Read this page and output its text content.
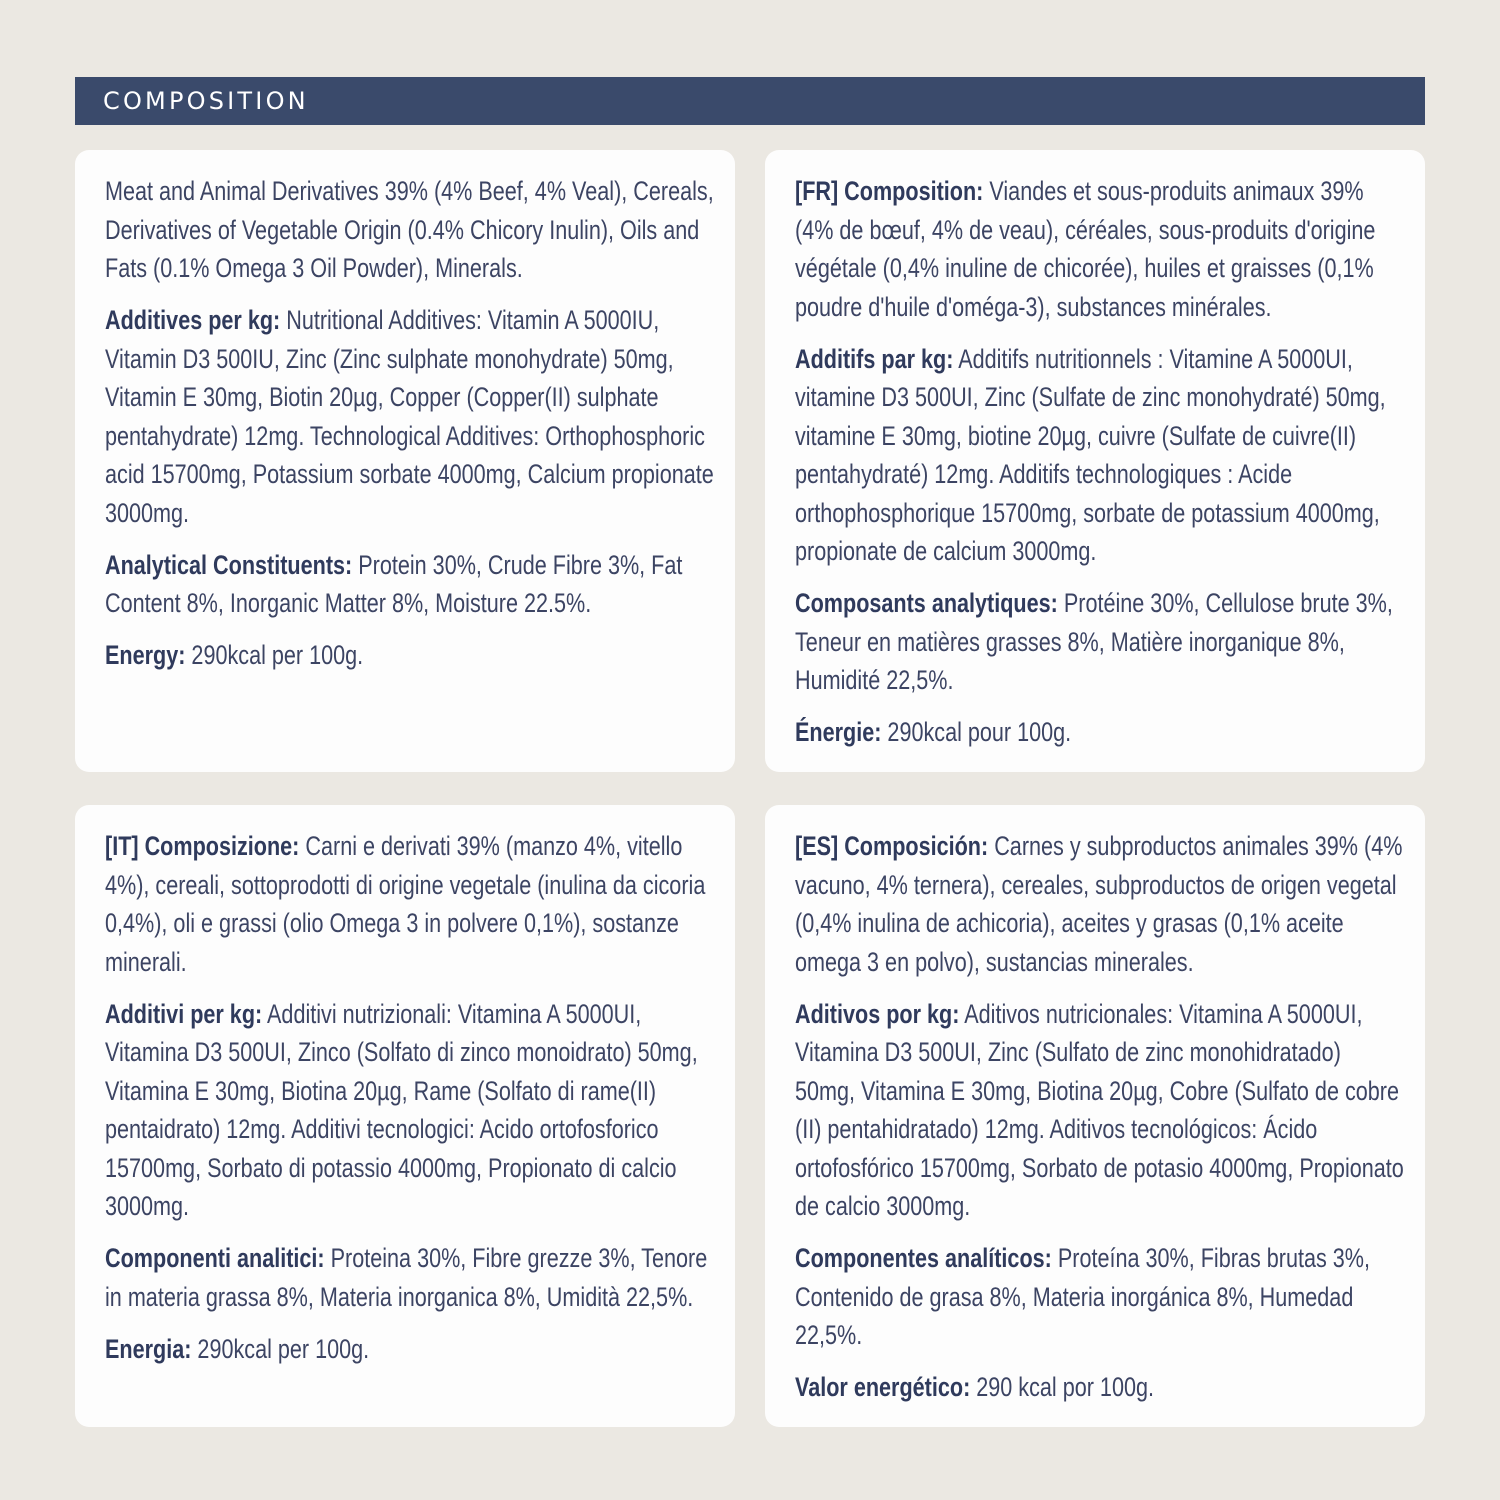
COMPOSITION

Meat and Animal Derivatives 39% (4% Beef, 4% Veal), Cereals, Derivatives of Vegetable Origin (0.4% Chicory Inulin), Oils and Fats (0.1% Omega 3 Oil Powder), Minerals.

Additives per kg: Nutritional Additives: Vitamin A 5000IU, Vitamin D3 500IU, Zinc (Zinc sulphate monohydrate) 50mg, Vitamin E 30mg, Biotin 20µg, Copper (Copper(II) sulphate pentahydrate) 12mg. Technological Additives: Orthophosphoric acid 15700mg, Potassium sorbate 4000mg, Calcium propionate 3000mg.

Analytical Constituents: Protein 30%, Crude Fibre 3%, Fat Content 8%, Inorganic Matter 8%, Moisture 22.5%.

Energy: 290kcal per 100g.

[FR] Composition: Viandes et sous-produits animaux 39% (4% de bœuf, 4% de veau), céréales, sous-produits d'origine végétale (0,4% inuline de chicorée), huiles et graisses (0,1% poudre d'huile d'oméga-3), substances minérales.

Additifs par kg: Additifs nutritionnels : Vitamine A 5000UI, vitamine D3 500UI, Zinc (Sulfate de zinc monohydraté) 50mg, vitamine E 30mg, biotine 20µg, cuivre (Sulfate de cuivre(II) pentahydraté) 12mg. Additifs technologiques : Acide orthophosphorique 15700mg, sorbate de potassium 4000mg, propionate de calcium 3000mg.

Composants analytiques: Protéine 30%, Cellulose brute 3%, Teneur en matières grasses 8%, Matière inorganique 8%, Humidité 22,5%.

Énergie: 290kcal pour 100g.

[IT] Composizione: Carni e derivati 39% (manzo 4%, vitello 4%), cereali, sottoprodotti di origine vegetale (inulina da cicoria 0,4%), oli e grassi (olio Omega 3 in polvere 0,1%), sostanze minerali.

Additivi per kg: Additivi nutrizionali: Vitamina A 5000UI, Vitamina D3 500UI, Zinco (Solfato di zinco monoidrato) 50mg, Vitamina E 30mg, Biotina 20µg, Rame (Solfato di rame(II) pentaidrato) 12mg. Additivi tecnologici: Acido ortofosforico 15700mg, Sorbato di potassio 4000mg, Propionato di calcio 3000mg.

Componenti analitici: Proteina 30%, Fibre grezze 3%, Tenore in materia grassa 8%, Materia inorganica 8%, Umidità 22,5%.

Energia: 290kcal per 100g.

[ES] Composición: Carnes y subproductos animales 39% (4% vacuno, 4% ternera), cereales, subproductos de origen vegetal (0,4% inulina de achicoria), aceites y grasas (0,1% aceite omega 3 en polvo), sustancias minerales.

Aditivos por kg: Aditivos nutricionales: Vitamina A 5000UI, Vitamina D3 500UI, Zinc (Sulfato de zinc monohidratado) 50mg, Vitamina E 30mg, Biotina 20µg, Cobre (Sulfato de cobre (II) pentahidratado) 12mg. Aditivos tecnológicos: Ácido ortofosfórico 15700mg, Sorbato de potasio 4000mg, Propionato de calcio 3000mg.

Componentes analíticos: Proteína 30%, Fibras brutas 3%, Contenido de grasa 8%, Materia inorgánica 8%, Humedad 22,5%.

Valor energético: 290 kcal por 100g.
